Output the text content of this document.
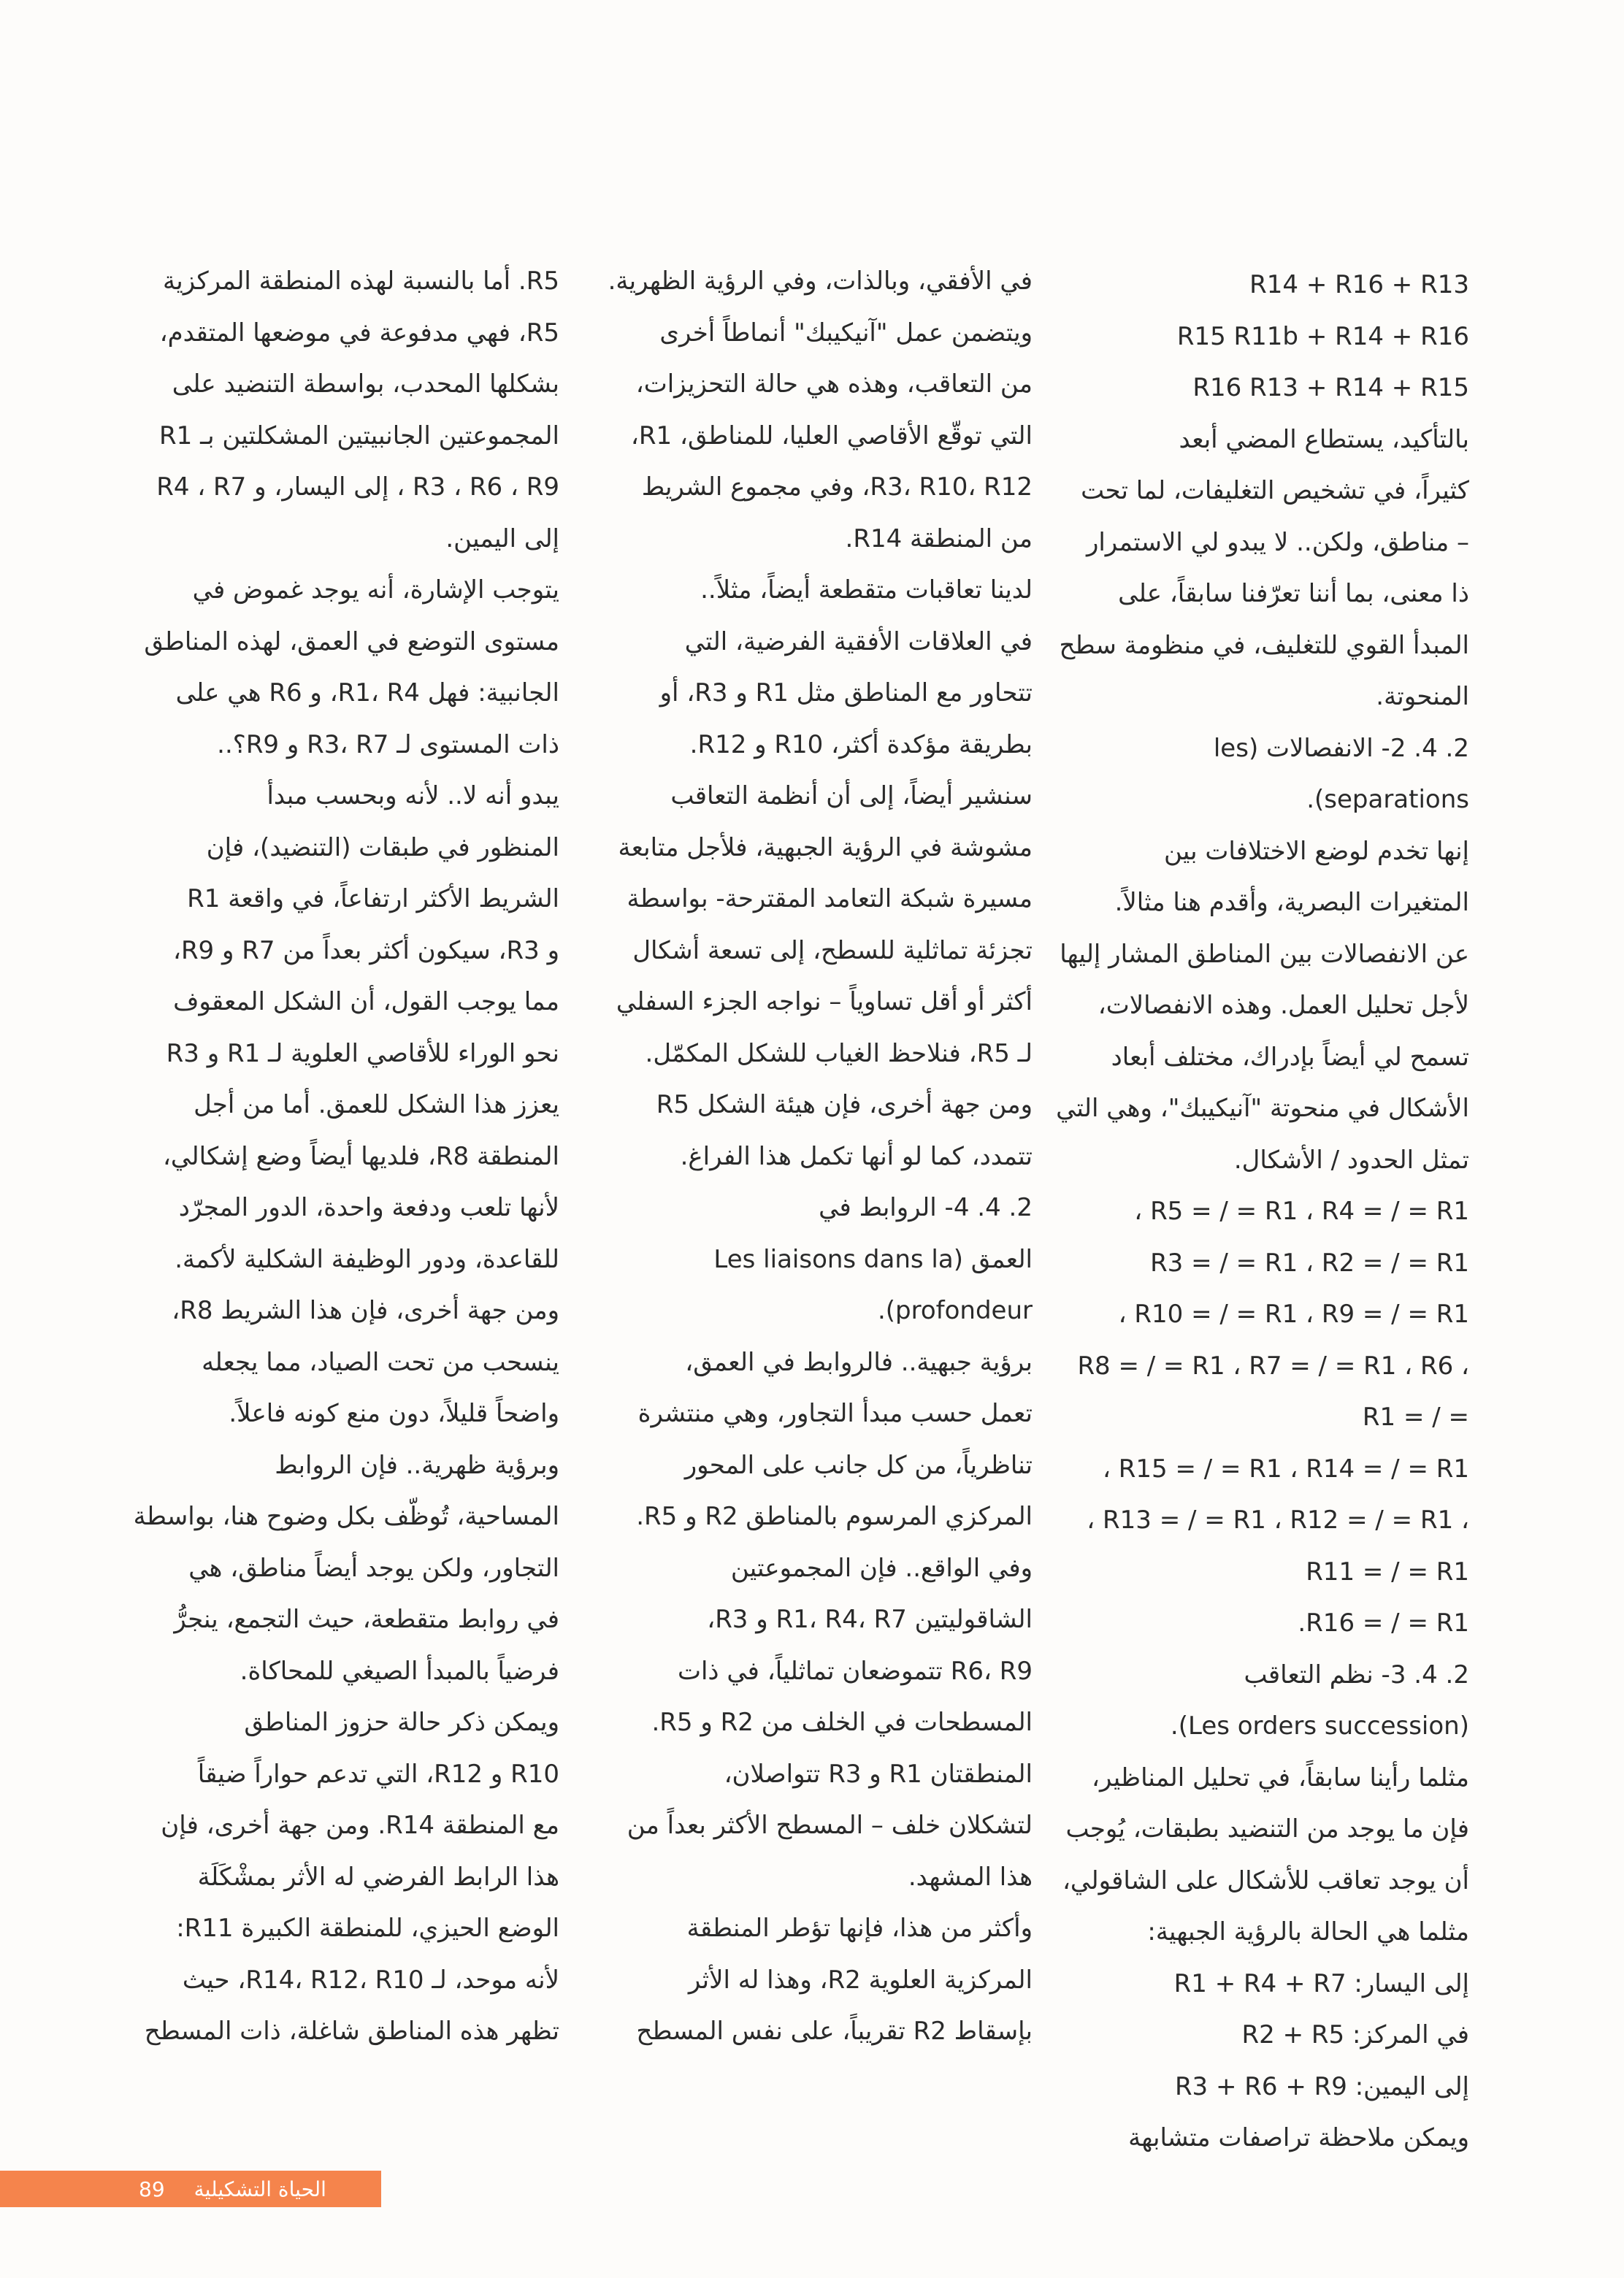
R14 + R16 + R13
R15 R11b + R14 + R16
R16 R13 + R14 + R15
بالتأكيد، يستطاع المضي أبعد
كثيراً، في تشخيص التغليفات، لما تحت
– مناطق، ولكن.. لا يبدو لي الاستمرار
ذا معنى، بما أننا تعرّفنا سابقاً، على
المبدأ القوي للتغليف، في منظومة سطح
المنحوتة.
2. 4. 2- الانفصالات (les
separations).
إنها تخدم لوضع الاختلافات بين
المتغيرات البصرية، وأقدم هنا مثالاً.
عن الانفصالات بين المناطق المشار إليها
لأجل تحليل العمل. وهذه الانفصالات،
تسمح لي أيضاً بإدراك، مختلف أبعاد
الأشكال في منحوتة "آنيكيبك"، وهي التي
تمثل الحدود / الأشكال.
R5 = / = R1 ، R4 = / = R1 ،
R3 = / = R1 ، R2 = / = R1
R10 = / = R1 ، R9 = / = R1 ،
، R8 = / = R1 ، R7 = / = R1 ، R6
= / = R1
R15 = / = R1 ، R14 = / = R1 ،
، R13 = / = R1 ، R12 = / = R1 ،
R11 = / = R1
R16 = / = R1.
2. 4. 3- نظم التعاقب
(Les orders succession).
مثلما رأينا سابقاً، في تحليل المناظير،
فإن ما يوجد من التنضيد بطبقات، يُوجب
أن يوجد تعاقب للأشكال على الشاقولي،
مثلما هي الحالة بالرؤية الجبهية:
إلى اليسار: R1 + R4 + R7
في المركز: R2 + R5
إلى اليمين: R3 + R6 + R9
ويمكن ملاحظة تراصفات متشابهة
في الأفقي، وبالذات، وفي الرؤية الظهرية.
ويتضمن عمل "آنيكيبك" أنماطاً أخرى
من التعاقب، وهذه هي حالة التحزيزات،
التي توقّع الأقاصي العليا، للمناطق، R1،
R3، R10، R12، وفي مجموع الشريط
من المنطقة R14.
لدينا تعاقبات متقطعة أيضاً، مثلاً..
في العلاقات الأفقية الفرضية، التي
تتحاور مع المناطق مثل R1 و R3، أو
بطريقة مؤكدة أكثر، R10 و R12.
سنشير أيضاً، إلى أن أنظمة التعاقب
مشوشة في الرؤية الجبهية، فلأجل متابعة
مسيرة شبكة التعامد المقترحة- بواسطة
تجزئة تماثلية للسطح، إلى تسعة أشكال
أكثر أو أقل تساوياً – نواجه الجزء السفلي
لـ R5، فنلاحظ الغياب للشكل المكمّل.
ومن جهة أخرى، فإن هيئة الشكل R5
تتمدد، كما لو أنها تكمل هذا الفراغ.
2. 4. 4- الروابط في
العمق (Les liaisons dans la
profondeur).
برؤية جبهية.. فالروابط في العمق،
تعمل حسب مبدأ التجاور، وهي منتشرة
تناظرياً، من كل جانب على المحور
المركزي المرسوم بالمناطق R2 و R5.
وفي الواقع.. فإن المجموعتين
الشاقوليتين R1، R4، R7 و R3،
R6، R9 تتموضعان تماثلياً، في ذات
المسطحات في الخلف من R2 و R5.
المنطقتان R1 و R3 تتواصلان،
لتشكلان خلف – المسطح الأكثر بعداً من
هذا المشهد.
وأكثر من هذا، فإنها تؤطر المنطقة
المركزية العلوية R2، وهذا له الأثر
بإسقاط R2 تقريباً، على نفس المسطح
R5. أما بالنسبة لهذه المنطقة المركزية
R5، فهي مدفوعة في موضعها المتقدم،
بشكلها المحدب، بواسطة التنضيد على
المجموعتين الجانبيتين المشكلتين بـ R1
R3 ، R6 ، R9 ، إلى اليسار، و R4 ، R7
إلى اليمين.
يتوجب الإشارة، أنه يوجد غموض في
مستوى التوضع في العمق، لهذه المناطق
الجانبية: فهل R1، R4، و R6 هي على
ذات المستوى لـ R3، R7 و R9؟..
يبدو أنه لا.. لأنه وبحسب مبدأ
المنظور في طبقات (التنضيد)، فإن
الشريط الأكثر ارتفاعاً، في واقعة R1
و R3، سيكون أكثر بعداً من R7 و R9،
مما يوجب القول، أن الشكل المعقوف
نحو الوراء للأقاصي العلوية لـ R1 و R3
يعزز هذا الشكل للعمق. أما من أجل
المنطقة R8، فلديها أيضاً وضع إشكالي،
لأنها تلعب ودفعة واحدة، الدور المجرّد
للقاعدة، ودور الوظيفة الشكلية لأكمة.
ومن جهة أخرى، فإن هذا الشريط R8،
ينسحب من تحت الصياد، مما يجعله
واضحاً قليلاً، دون منع كونه فاعلاً.
وبرؤية ظهرية.. فإن الروابط
المساحية، تُوظّف بكل وضوح هنا، بواسطة
التجاور، ولكن يوجد أيضاً مناطق، هي
في روابط متقطعة، حيث التجمع، ينجرُّ
فرضياً بالمبدأ الصيغي للمحاكاة.
ويمكن ذكر حالة حزوز المناطق
R10 و R12، التي تدعم حواراً ضيقاً
مع المنطقة R14. ومن جهة أخرى، فإن
هذا الرابط الفرضي له الأثر بمشْكَلَة
الوضع الحيزي، للمنطقة الكبيرة R11:
لأنه موحد، لـ R14، R12، R10، حيث
تظهر هذه المناطق شاغلة، ذات المسطح
89 الحياة التشكيلية
